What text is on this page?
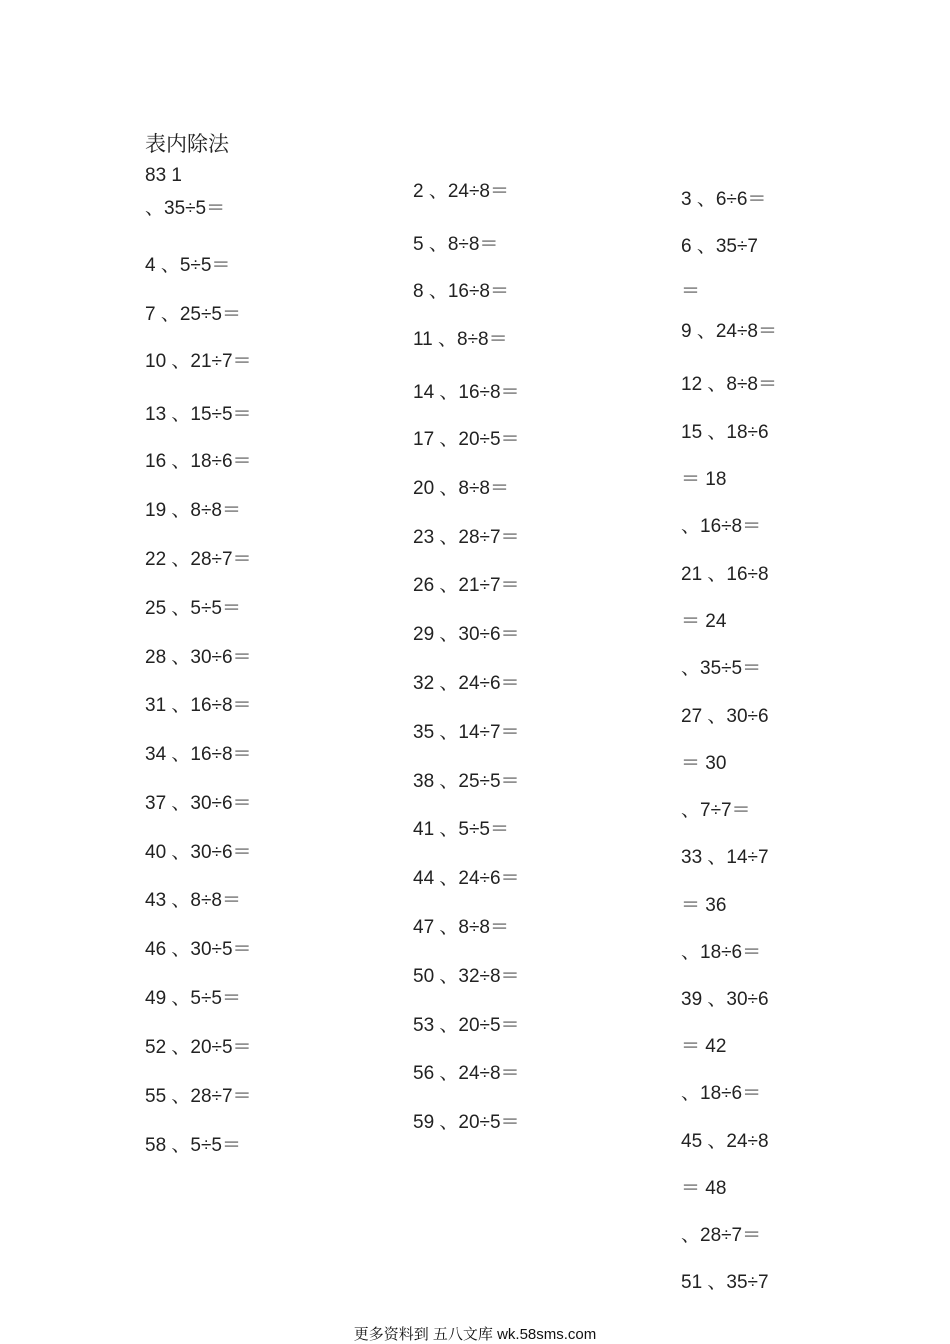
表内除法
83 1
、35÷5＝
4 、5÷5＝
7 、25÷5＝
10 、21÷7＝
13 、15÷5＝
16 、18÷6＝
19 、8÷8＝
22 、28÷7＝
25 、5÷5＝
28 、30÷6＝
31 、16÷8＝
34 、16÷8＝
37 、30÷6＝
40 、30÷6＝
43 、8÷8＝
46 、30÷5＝
49 、5÷5＝
52 、20÷5＝
55 、28÷7＝
58 、5÷5＝
2 、24÷8＝
5 、8÷8＝
8 、16÷8＝
11 、8÷8＝
14 、16÷8＝
17 、20÷5＝
20 、8÷8＝
23 、28÷7＝
26 、21÷7＝
29 、30÷6＝
32 、24÷6＝
35 、14÷7＝
38 、25÷5＝
41 、5÷5＝
44 、24÷6＝
47 、8÷8＝
50 、32÷8＝
53 、20÷5＝
56 、24÷8＝
59 、20÷5＝
3 、6÷6＝
6 、35÷7
＝
9 、24÷8＝
12 、8÷8＝
15 、18÷6
＝ 18
、16÷8＝
21 、16÷8
＝ 24
、35÷5＝
27 、30÷6
＝ 30
、7÷7＝
33 、14÷7
＝ 36
、18÷6＝
39 、30÷6
＝ 42
、18÷6＝
45 、24÷8
＝ 48
、28÷7＝
51 、35÷7
更多资料到 五八文库 wk.58sms.com
